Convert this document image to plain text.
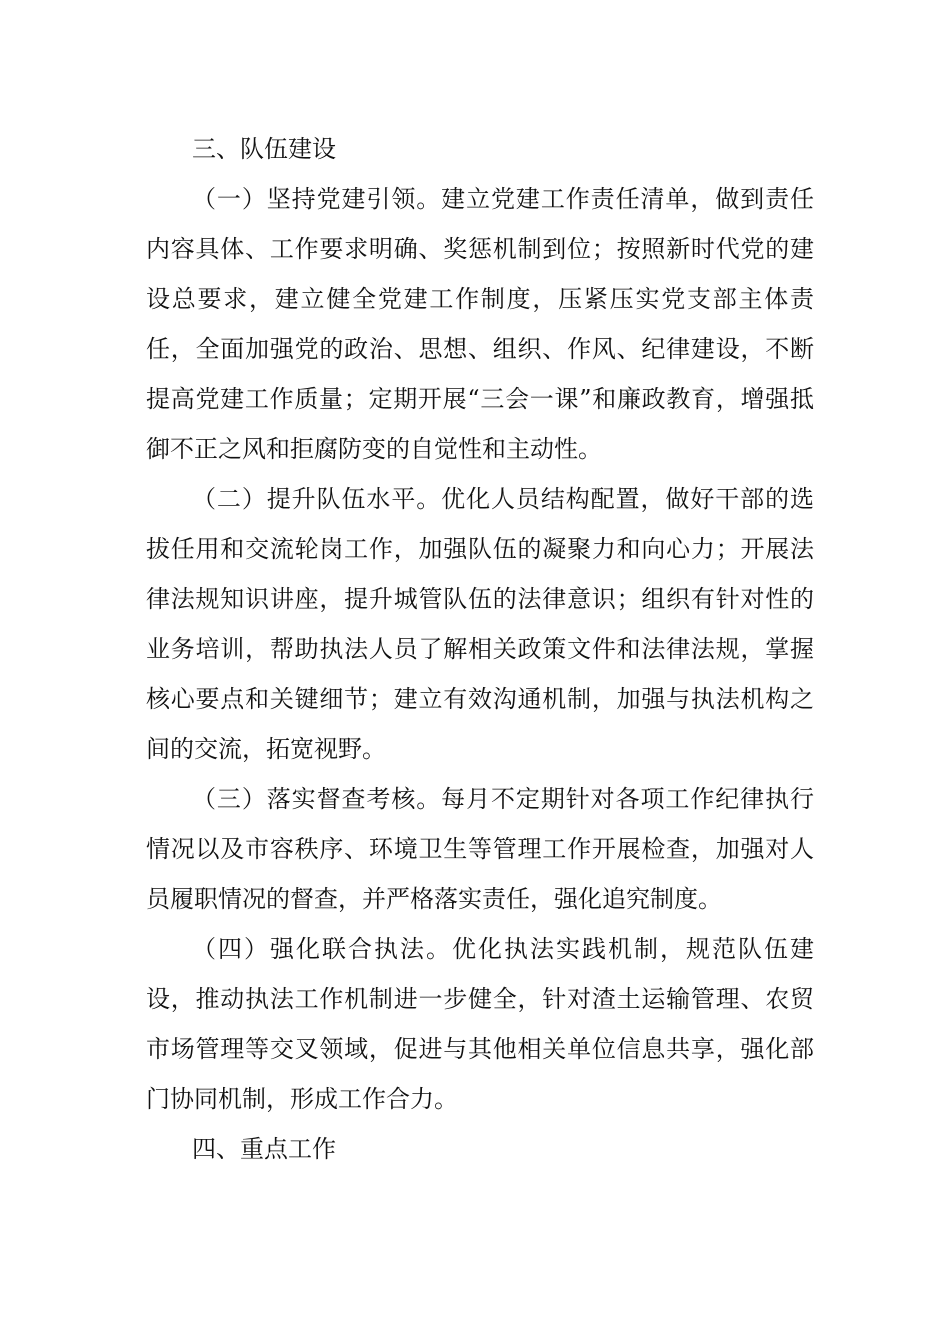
三、队伍建设

（一）坚持党建引领。建立党建工作责任清单，做到责任内容具体、工作要求明确、奖惩机制到位；按照新时代党的建设总要求，建立健全党建工作制度，压紧压实党支部主体责任，全面加强党的政治、思想、组织、作风、纪律建设，不断提高党建工作质量；定期开展“三会一课”和廉政教育，增强抵御不正之风和拒腐防变的自觉性和主动性。

（二）提升队伍水平。优化人员结构配置，做好干部的选拔任用和交流轮岗工作，加强队伍的凝聚力和向心力；开展法律法规知识讲座，提升城管队伍的法律意识；组织有针对性的业务培训，帮助执法人员了解相关政策文件和法律法规，掌握核心要点和关键细节；建立有效沟通机制，加强与执法机构之间的交流，拓宽视野。

（三）落实督查考核。每月不定期针对各项工作纪律执行情况以及市容秩序、环境卫生等管理工作开展检查，加强对人员履职情况的督查，并严格落实责任，强化追究制度。

（四）强化联合执法。优化执法实践机制，规范队伍建设，推动执法工作机制进一步健全，针对渣土运输管理、农贸市场管理等交叉领域，促进与其他相关单位信息共享，强化部门协同机制，形成工作合力。

四、重点工作
